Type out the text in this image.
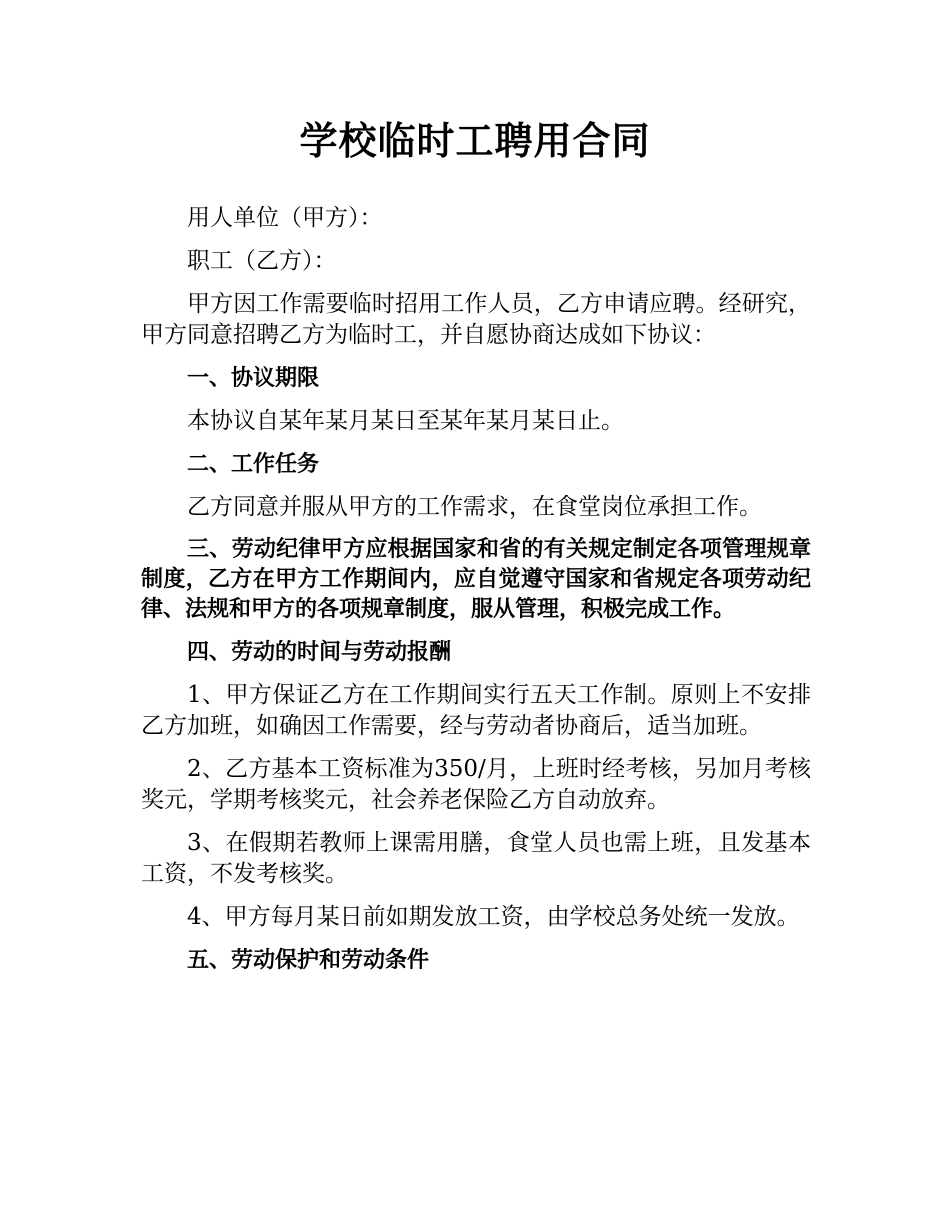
学校临时工聘用合同

用人单位（甲方）：

职工（乙方）：

甲方因工作需要临时招用工作人员，乙方申请应聘。经研究，甲方同意招聘乙方为临时工，并自愿协商达成如下协议：

一、协议期限

本协议自某年某月某日至某年某月某日止。

二、工作任务

乙方同意并服从甲方的工作需求，在食堂岗位承担工作。

三、劳动纪律甲方应根据国家和省的有关规定制定各项管理规章制度，乙方在甲方工作期间内，应自觉遵守国家和省规定各项劳动纪律、法规和甲方的各项规章制度，服从管理，积极完成工作。

四、劳动的时间与劳动报酬

1、甲方保证乙方在工作期间实行五天工作制。原则上不安排乙方加班，如确因工作需要，经与劳动者协商后，适当加班。

2、乙方基本工资标准为350/月，上班时经考核，另加月考核奖元，学期考核奖元，社会养老保险乙方自动放弃。

3、在假期若教师上课需用膳，食堂人员也需上班，且发基本工资，不发考核奖。

4、甲方每月某日前如期发放工资，由学校总务处统一发放。

五、劳动保护和劳动条件
